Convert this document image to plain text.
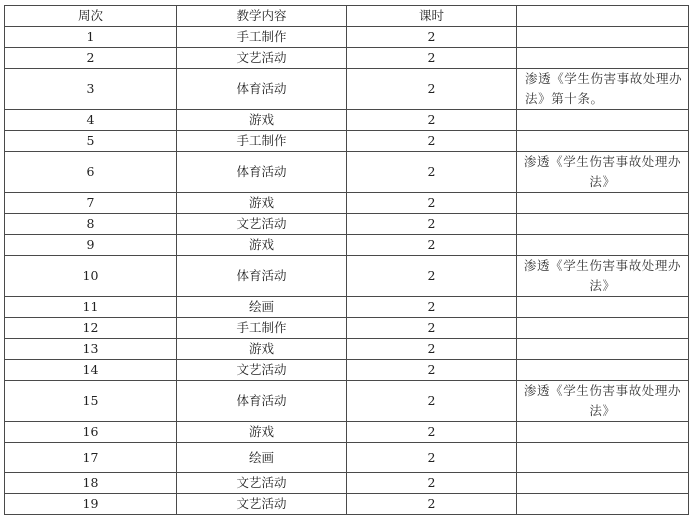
周次	教学内容	课时	
1	手工制作	2	
2	文艺活动	2	
3	体育活动	2	渗透《学生伤害事故处理办法》第十条。
4	游戏	2	
5	手工制作	2	
6	体育活动	2	渗透《学生伤害事故处理办法》
7	游戏	2	
8	文艺活动	2	
9	游戏	2	
10	体育活动	2	渗透《学生伤害事故处理办法》
11	绘画	2	
12	手工制作	2	
13	游戏	2	
14	文艺活动	2	
15	体育活动	2	渗透《学生伤害事故处理办法》
16	游戏	2	
17	绘画	2	
18	文艺活动	2	
19	文艺活动	2	
